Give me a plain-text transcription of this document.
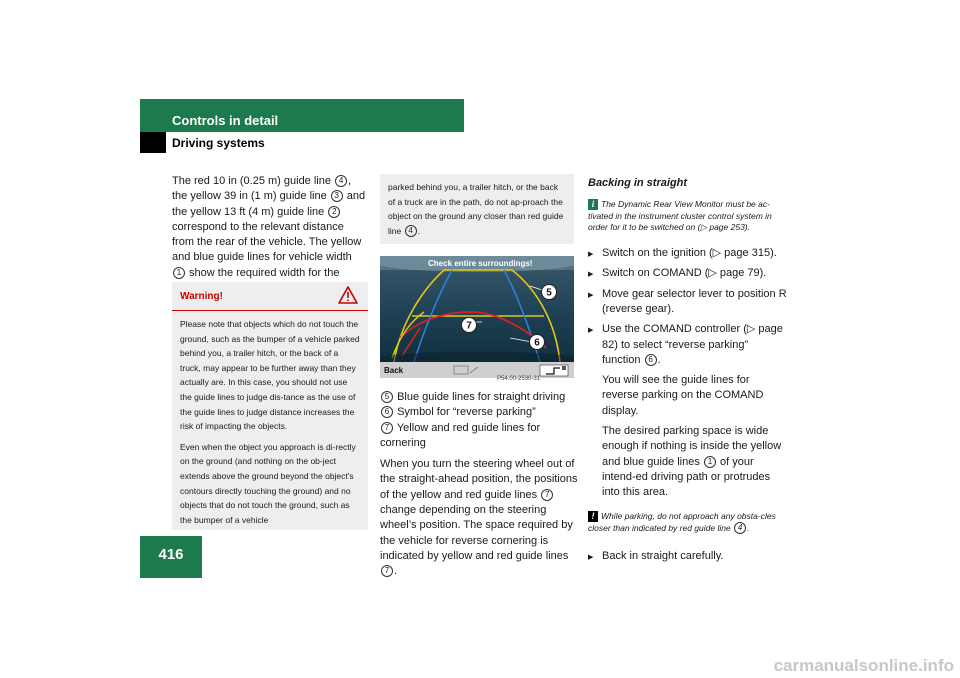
Controls in detail
Driving systems
416
The red 10 in (0.25 m) guide line 4 , the yellow 39 in (1 m) guide line 3 and the yellow 13 ft (4 m) guide line 2 correspond to the relevant distance from the rear of the vehicle. The yellow and blue guide lines for vehicle width 1 show the required width for the
Warning!

Please note that objects which do not touch the ground, such as the bumper of a vehicle parked behind you, a trailer hitch, or the back of a truck, may appear to be further away than they actually are. In this case, you should not use the guide lines to judge dis-tance as the use of the guide lines to judge distance increases the risk of impacting the objects.

Even when the object you approach is di-rectly on the ground (and nothing on the ob-ject extends above the ground beyond the object's contours directly touching the ground) and no objects that do not touch the ground, such as the bumper of a vehicle

parked behind you, a trailer hitch, or the back of a truck are in the path, do not ap-proach the object on the ground any closer than red guide line 4 .

Check entire surroundings!
5
7
6
Back
P54.00-2530-31
5 Blue guide lines for straight driving
6 Symbol for “reverse parking”
7 Yellow and red guide lines for cornering

When you turn the steering wheel out of the straight-ahead position, the positions of the yellow and red guide lines 7 change depending on the steering wheel’s position. The space required by the vehicle for reverse cornering is indicated by yellow and red guide lines 7 .

Backing in straight
i The Dynamic Rear View Monitor must be ac-tivated in the instrument cluster control system in order for it to be switched on (▷ page 253).
▶ Switch on the ignition (▷ page 315).
▶ Switch on COMAND (▷ page 79).
▶ Move gear selector lever to position R (reverse gear).
▶ Use the COMAND controller (▷ page 82) to select “reverse parking” function 6 .
You will see the guide lines for reverse parking on the COMAND display.
The desired parking space is wide enough if nothing is inside the yellow and blue guide lines 1 of your intend-ed driving path or protrudes into this area.
! While parking, do not approach any obsta-cles closer than indicated by red guide line 4 .
▶ Back in straight carefully.
carmanualsonline.info
